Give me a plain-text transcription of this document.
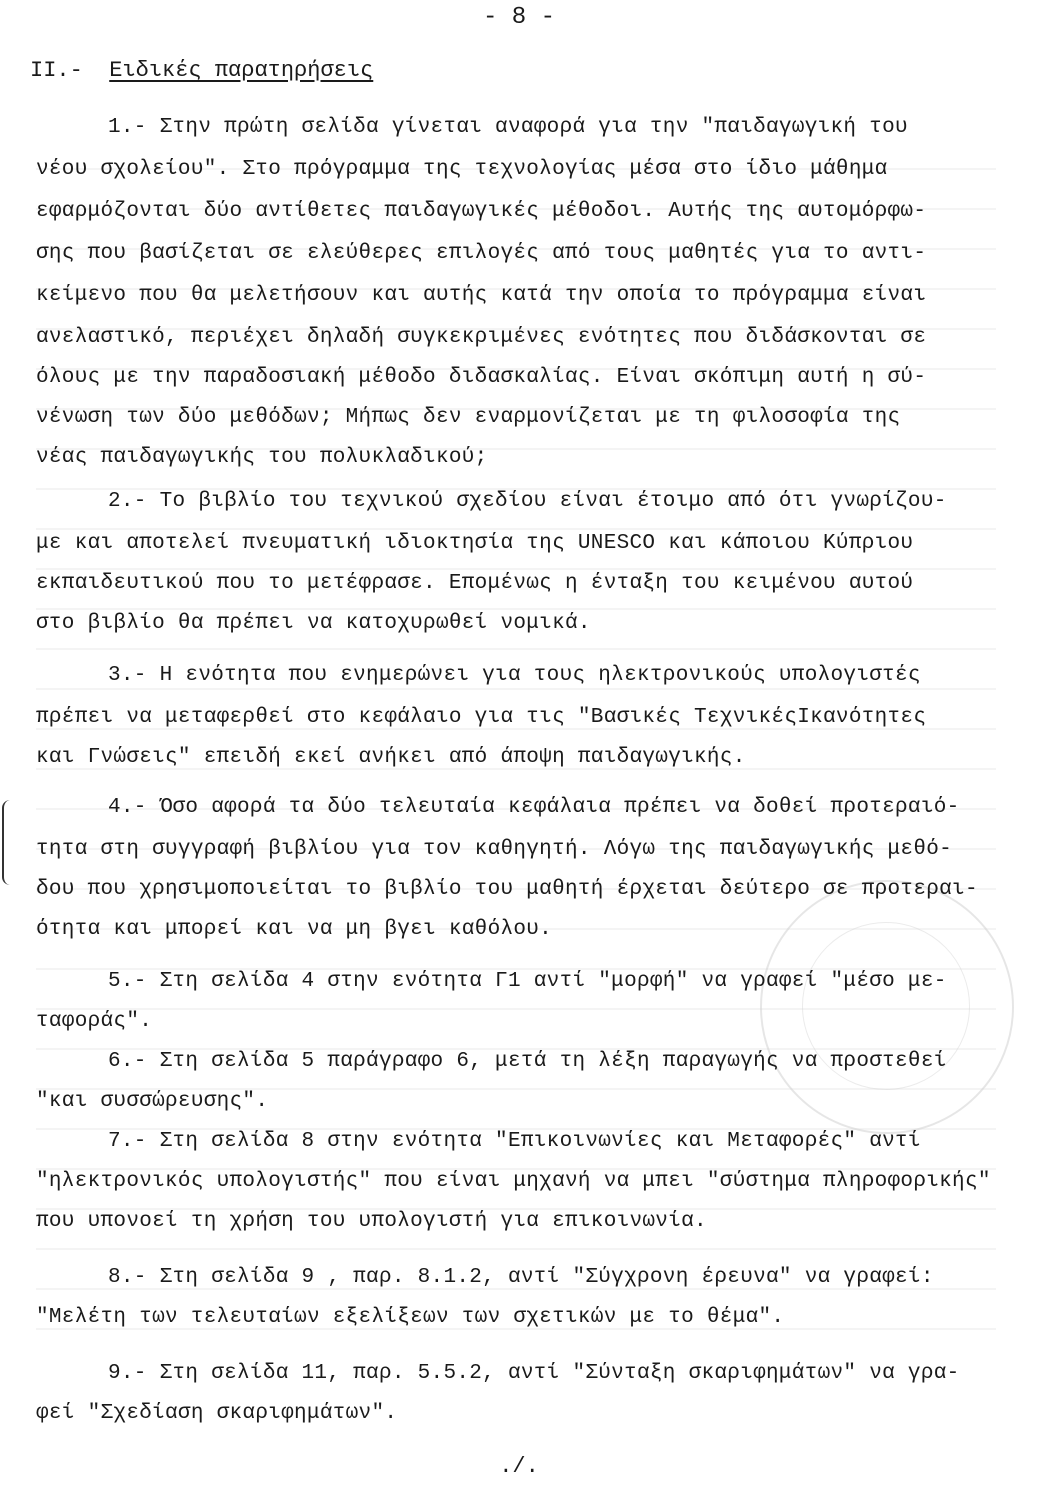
- 8 -
ΙΙ.- Ειδικές παρατηρήσεις
1.- Στην πρώτη σελίδα γίνεται αναφορά για την "παιδαγωγική του
νέου σχολείου". Στο πρόγραμμα της τεχνολογίας μέσα στο ίδιο μάθημα
εφαρμόζονται δύο αντίθετες παιδαγωγικές μέθοδοι. Αυτής της αυτομόρφω-
σης που βασίζεται σε ελεύθερες επιλογές από τους μαθητές για το αντι-
κείμενο που θα μελετήσουν και αυτής κατά την οποία το πρόγραμμα είναι
ανελαστικό, περιέχει δηλαδή συγκεκριμένες ενότητες που διδάσκονται σε
όλους με την παραδοσιακή μέθοδο διδασκαλίας. Είναι σκόπιμη αυτή η σύ-
νένωση των δύο μεθόδων; Μήπως δεν εναρμονίζεται με τη φιλοσοφία της
νέας παιδαγωγικής του πολυκλαδικού;
2.- Το βιβλίο του τεχνικού σχεδίου είναι έτοιμο από ότι γνωρίζου-
με και αποτελεί πνευματική ιδιοκτησία της UNESCO και κάποιου Κύπριου
εκπαιδευτικού που το μετέφρασε. Επομένως η ένταξη του κειμένου αυτού
στο βιβλίο θα πρέπει να κατοχυρωθεί νομικά.
3.- Η ενότητα που ενημερώνει για τους ηλεκτρονικούς υπολογιστές
πρέπει να μεταφερθεί στο κεφάλαιο για τις "Βασικές ΤεχνικέςΙκανότητες
και Γνώσεις" επειδή εκεί ανήκει από άποψη παιδαγωγικής.
4.- Όσο αφορά τα δύο τελευταία κεφάλαια πρέπει να δοθεί προτεραιό-
τητα στη συγγραφή βιβλίου για τον καθηγητή. Λόγω της παιδαγωγικής μεθό-
δου που χρησιμοποιείται το βιβλίο του μαθητή έρχεται δεύτερο σε προτεραι-
ότητα και μπορεί και να μη βγει καθόλου.
5.- Στη σελίδα 4 στην ενότητα Γ1 αντί "μορφή" να γραφεί "μέσο με-
ταφοράς".
6.- Στη σελίδα 5 παράγραφο 6, μετά τη λέξη παραγωγής να προστεθεί
"και συσσώρευσης".
7.- Στη σελίδα 8 στην ενότητα "Επικοινωνίες και Μεταφορές" αντί
"ηλεκτρονικός υπολογιστής" που είναι μηχανή να μπει "σύστημα πληροφορικής"
που υπονοεί τη χρήση του υπολογιστή για επικοινωνία.
8.- Στη σελίδα 9 , παρ. 8.1.2, αντί "Σύγχρονη έρευνα" να γραφεί:
"Μελέτη των τελευταίων εξελίξεων των σχετικών με το θέμα".
9.- Στη σελίδα 11, παρ. 5.5.2, αντί "Σύνταξη σκαριφημάτων" να γρα-
φεί "Σχεδίαση σκαριφημάτων".
./.
